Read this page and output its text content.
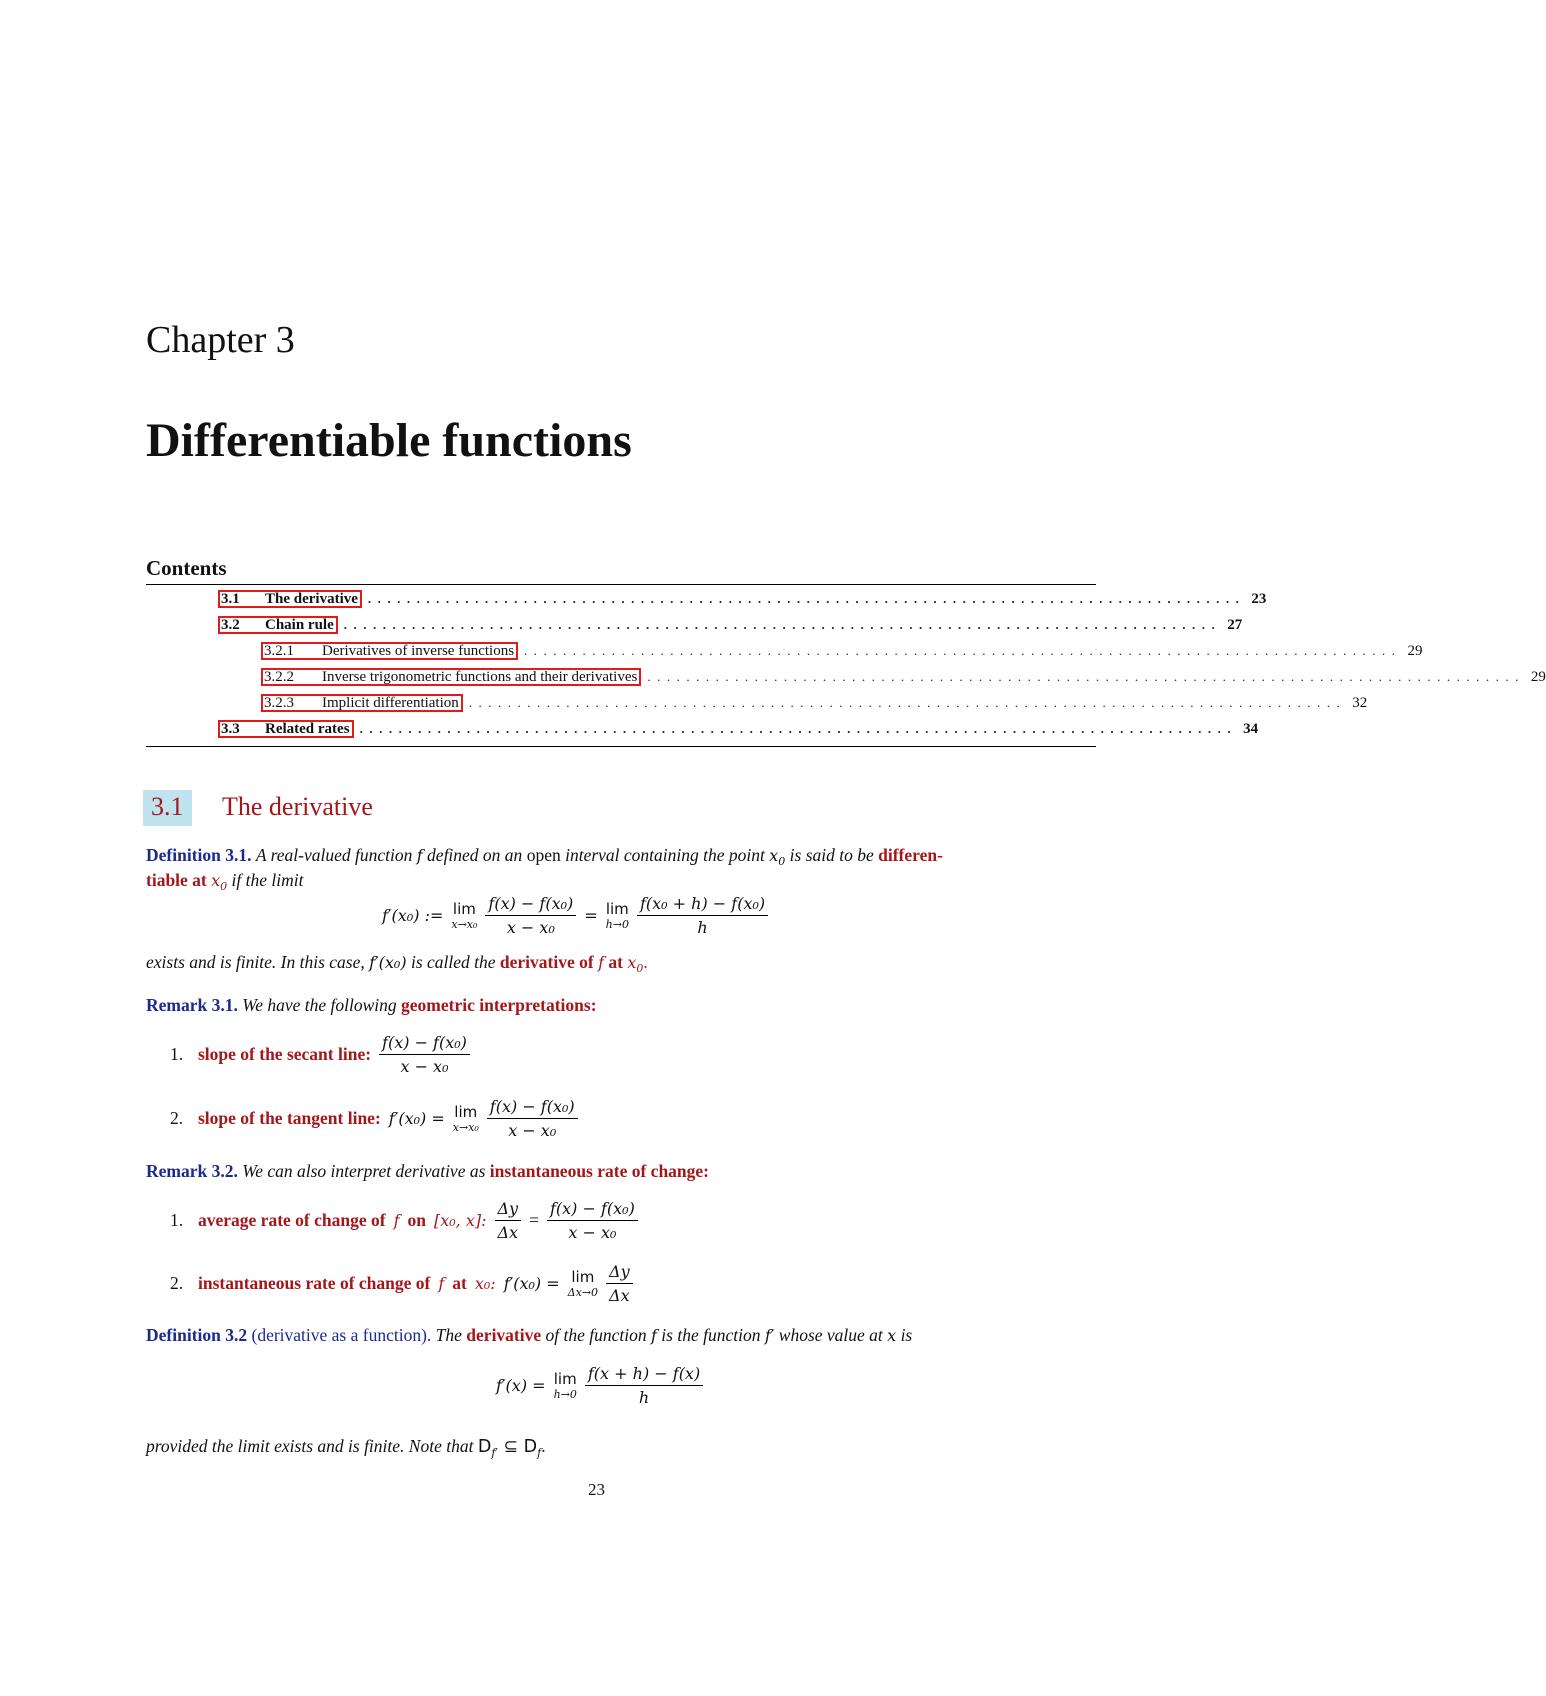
Chapter 3
Differentiable functions
Contents
3.1	The derivative .......................................................................................... 23
3.2	Chain rule .......................................................................................... 27
3.2.1	Derivatives of inverse functions .......................................................................................... 29
3.2.2	Inverse trigonometric functions and their derivatives .......................................................................................... 29
3.2.3	Implicit differentiation .......................................................................................... 32
3.3	Related rates .......................................................................................... 34
3.1 The derivative
Definition 3.1. A real-valued function f defined on an open interval containing the point $x_0$ is said to be differen-
tiable at $x_0$ if the limit
f′(x₀) := lim
$x\to x_0 \frac{\text{f(x) − f(x₀)}}{\text{x − x₀}} = \lim$
$h\to 0 \frac{\text{f(x₀ + h) − f(x₀)}}{h}$
exists and is finite. In this case, f′(x₀) is called the derivative of f at $x_0$.
Remark 3.1. We have the following geometric interpretations:
1. slope of the secant line: $\frac{\text{f(x) − f(x₀)}}{\text{x − x₀}}$
2. slope of the tangent line: f′(x₀) = lim
$x\to x_0 \frac{\text{f(x) − f(x₀)}}{\text{x − x₀}}$
Remark 3.2. We can also interpret derivative as instantaneous rate of change:
1. average rate of change of f on [x₀, x]: $\frac{\Delta y}{\Delta x} = \frac{\text{f(x) − f(x₀)}}{\text{x − x₀}}$
2. instantaneous rate of change of f at x₀: f′(x₀) = lim
$\Delta x\to 0 \frac{\Delta y}{\Delta x}$
Definition 3.2 (derivative as a function). The derivative of the function f is the function f′ whose value at x is
f′(x) = lim
$h\to 0 \frac{f(x + h) - f(x)}{h}$
provided the limit exists and is finite. Note that $D_{f'}$ ⊆ $D_f$.
23
